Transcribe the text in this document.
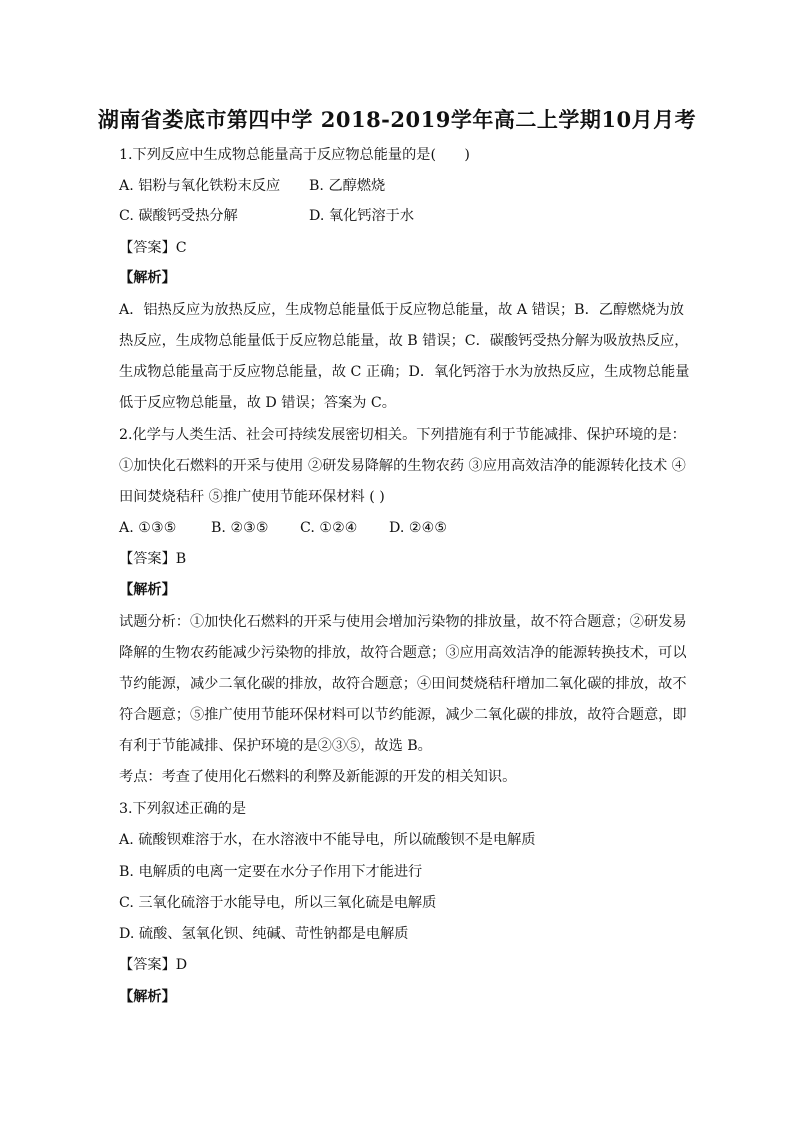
湖南省娄底市第四中学 2018-2019学年高二上学期10月月考
1.下列反应中生成物总能量高于反应物总能量的是(　　)
A. 铝粉与氧化铁粉末反应 B. 乙醇燃烧
C. 碳酸钙受热分解	D. 氧化钙溶于水
【答案】C
【解析】
A．铝热反应为放热反应，生成物总能量低于反应物总能量，故 A 错误；B．乙醇燃烧为放
热反应，生成物总能量低于反应物总能量，故 B 错误；C．碳酸钙受热分解为吸放热反应，
生成物总能量高于反应物总能量，故 C 正确；D．氧化钙溶于水为放热反应，生成物总能量
低于反应物总能量，故 D 错误；答案为 C。
2.化学与人类生活、社会可持续发展密切相关。下列措施有利于节能减排、保护环境的是：
①加快化石燃料的开采与使用 ②研发易降解的生物农药 ③应用高效洁净的能源转化技术 ④
田间焚烧秸秆 ⑤推广使用节能环保材料 ( )
A. ①③⑤ B. ②③⑤ C. ①②④ D. ②④⑤
【答案】B
【解析】
试题分析：①加快化石燃料的开采与使用会增加污染物的排放量，故不符合题意；②研发易
降解的生物农药能减少污染物的排放，故符合题意；③应用高效洁净的能源转换技术，可以
节约能源，减少二氧化碳的排放，故符合题意；④田间焚烧秸秆增加二氧化碳的排放，故不
符合题意；⑤推广使用节能环保材料可以节约能源，减少二氧化碳的排放，故符合题意，即
有利于节能减排、保护环境的是②③⑤，故选 B。
考点：考查了使用化石燃料的利弊及新能源的开发的相关知识。
3.下列叙述正确的是
A. 硫酸钡难溶于水，在水溶液中不能导电，所以硫酸钡不是电解质
B. 电解质的电离一定要在水分子作用下才能进行
C. 三氧化硫溶于水能导电，所以三氧化硫是电解质
D. 硫酸、氢氧化钡、纯碱、苛性钠都是电解质
【答案】D
【解析】
